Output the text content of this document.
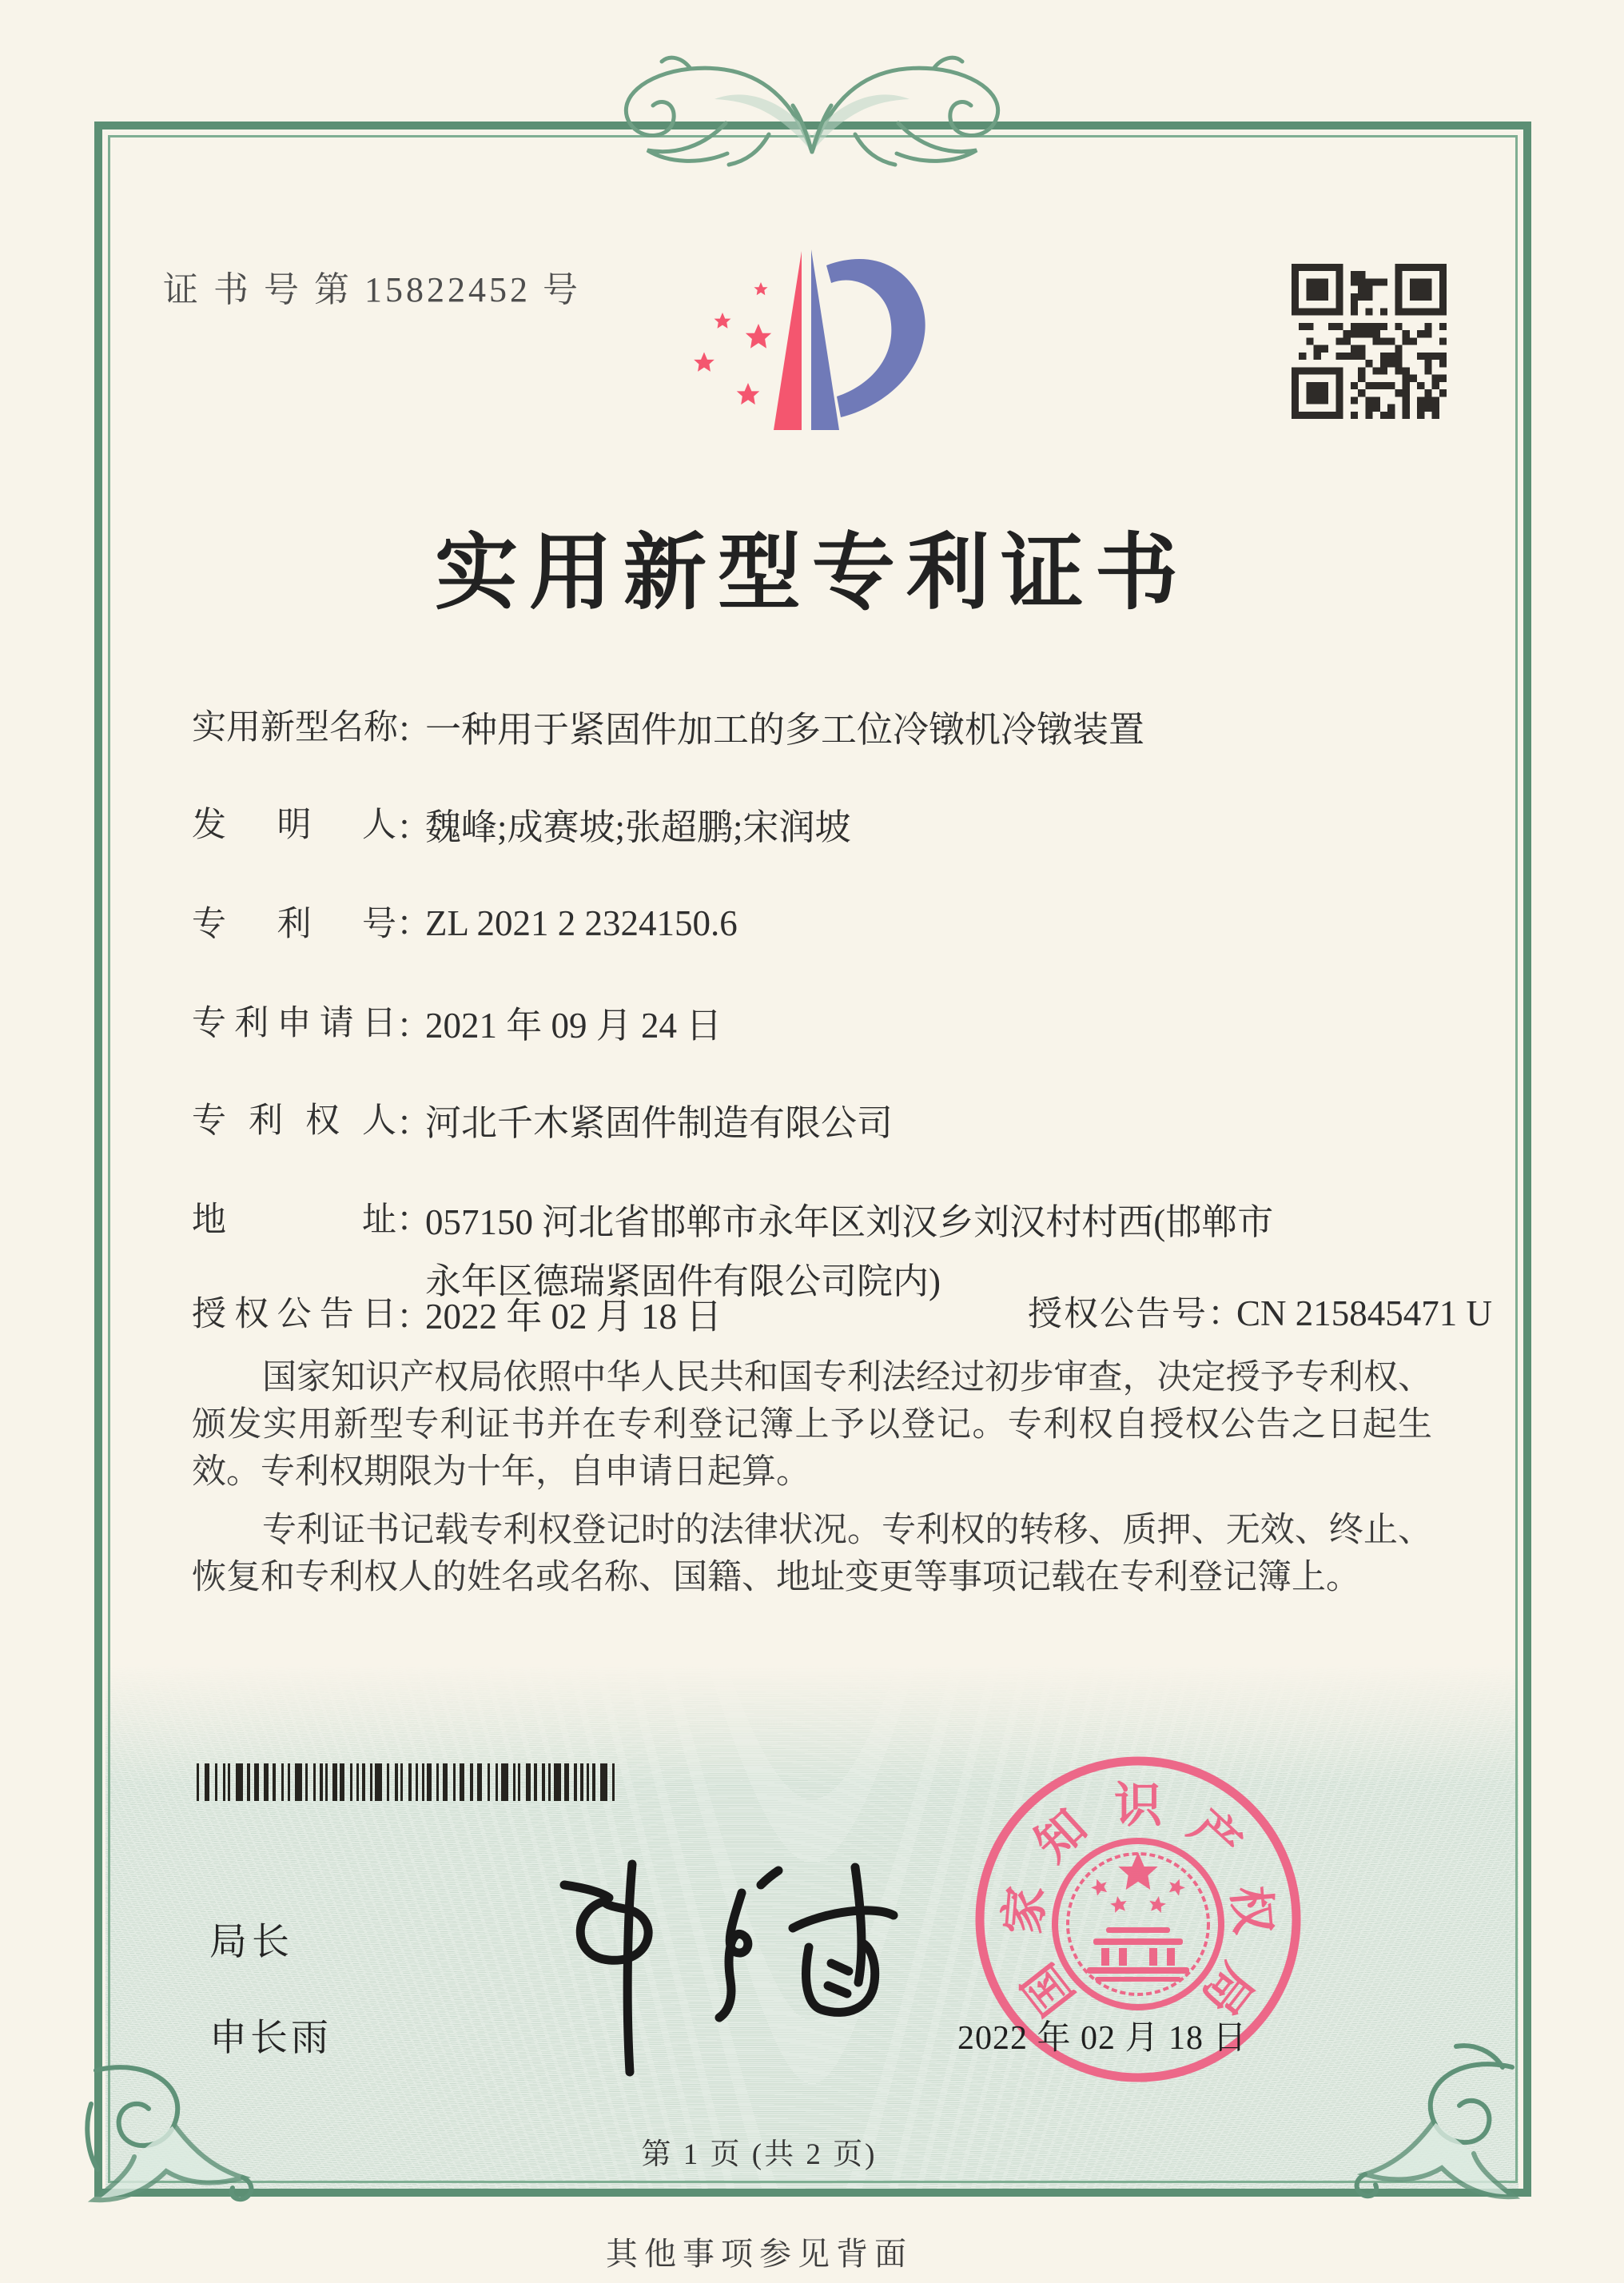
证 书 号 第 15822452 号
实用新型专利证书
实用新型名称：一种用于紧固件加工的多工位冷镦机冷镦装置
发明人：魏峰;成赛坡;张超鹏;宋润坡
专利号：ZL 2021 2 2324150.6
专利申请日：2021 年 09 月 24 日
专利权人：河北千木紧固件制造有限公司
地址：057150 河北省邯郸市永年区刘汉乡刘汉村村西(邯郸市永年区德瑞紧固件有限公司院内)
授权公告日：2022 年 02 月 18 日	授权公告号：CN 215845471 U

国家知识产权局依照中华人民共和国专利法经过初步审查，决定授予专利权、颁发实用新型专利证书并在专利登记簿上予以登记。专利权自授权公告之日起生效。专利权期限为十年，自申请日起算。

专利证书记载专利权登记时的法律状况。专利权的转移、质押、无效、终止、恢复和专利权人的姓名或名称、国籍、地址变更等事项记载在专利登记簿上。

局长
申长雨
国
家
知 识 产
权
局
2022 年 02 月 18 日
第 1 页 (共 2 页)
其他事项参见背面
